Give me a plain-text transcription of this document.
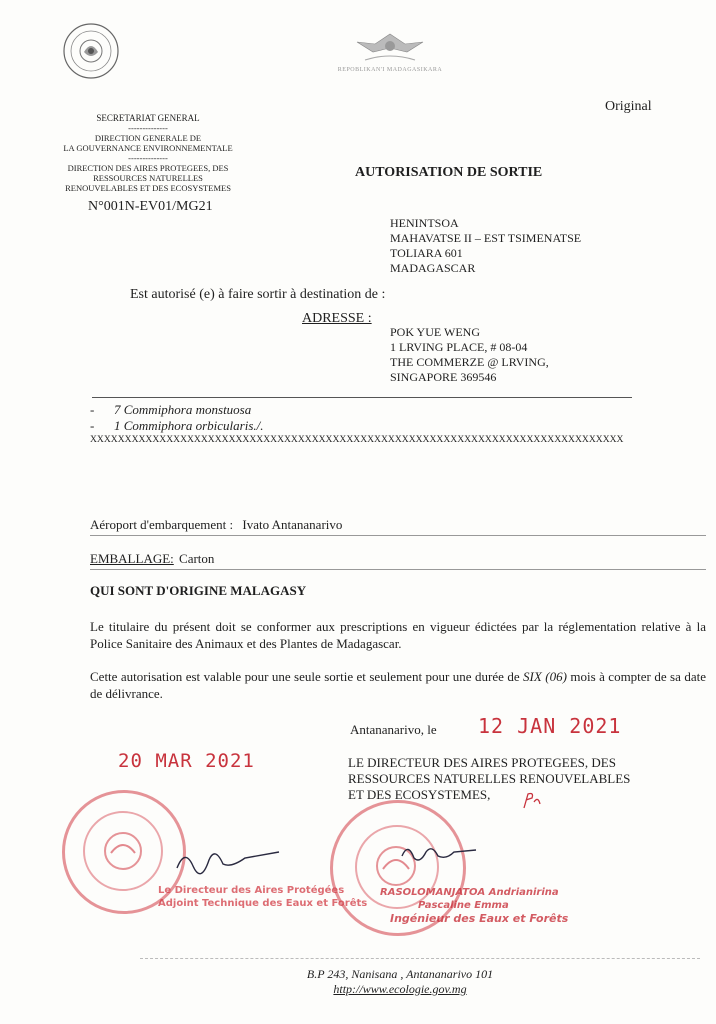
REPOBLIKAN'I MADAGASIKARA
Original
SECRETARIAT GENERAL
--------------
DIRECTION GENERALE DE
LA GOUVERNANCE ENVIRONNEMENTALE
--------------
DIRECTION DES AIRES PROTEGEES, DES
RESSOURCES NATURELLES
RENOUVELABLES ET DES ECOSYSTEMES
N°001N-EV01/MG21
AUTORISATION DE SORTIE
HENINTSOA
MAHAVATSE II – EST TSIMENATSE
TOLIARA 601
MADAGASCAR
Est autorisé (e) à faire sortir à destination de :
ADRESSE :
POK YUE WENG
1 LRVING PLACE, # 08-04
THE COMMERZE @ LRVING,
SINGAPORE 369546
- 7 Commiphora monstuosa
- 1 Commiphora orbicularis./.
XXXXXXXXXXXXXXXXXXXXXXXXXXXXXXXXXXXXXXXXXXXXXXXXXXXXXXXXXXXXXXXXXXXXXXXXXXXXX
Aéroport d'embarquement : Ivato Antananarivo
EMBALLAGE: Carton
QUI SONT D'ORIGINE MALAGASY
Le titulaire du présent doit se conformer aux prescriptions en vigueur édictées par la réglementation relative à la Police Sanitaire des Animaux et des Plantes de Madagascar.
Cette autorisation est valable pour une seule sortie et seulement pour une durée de SIX (06) mois à compter de sa date de délivrance.
Antananarivo, le 12 JAN 2021
20 MAR 2021	LE DIRECTEUR DES AIRES PROTEGEES, DES
RESSOURCES NATURELLES RENOUVELABLES
ET DES ECOSYSTEMES,
Le Directeur des Aires Protégées
Adjoint Technique des Eaux et Forêts
RASOLOMANJATOA Andrianirina
Pascaline Emma
Ingénieur des Eaux et Forêts
B.P 243, Nanisana , Antananarivo 101
http://www.ecologie.gov.mg
